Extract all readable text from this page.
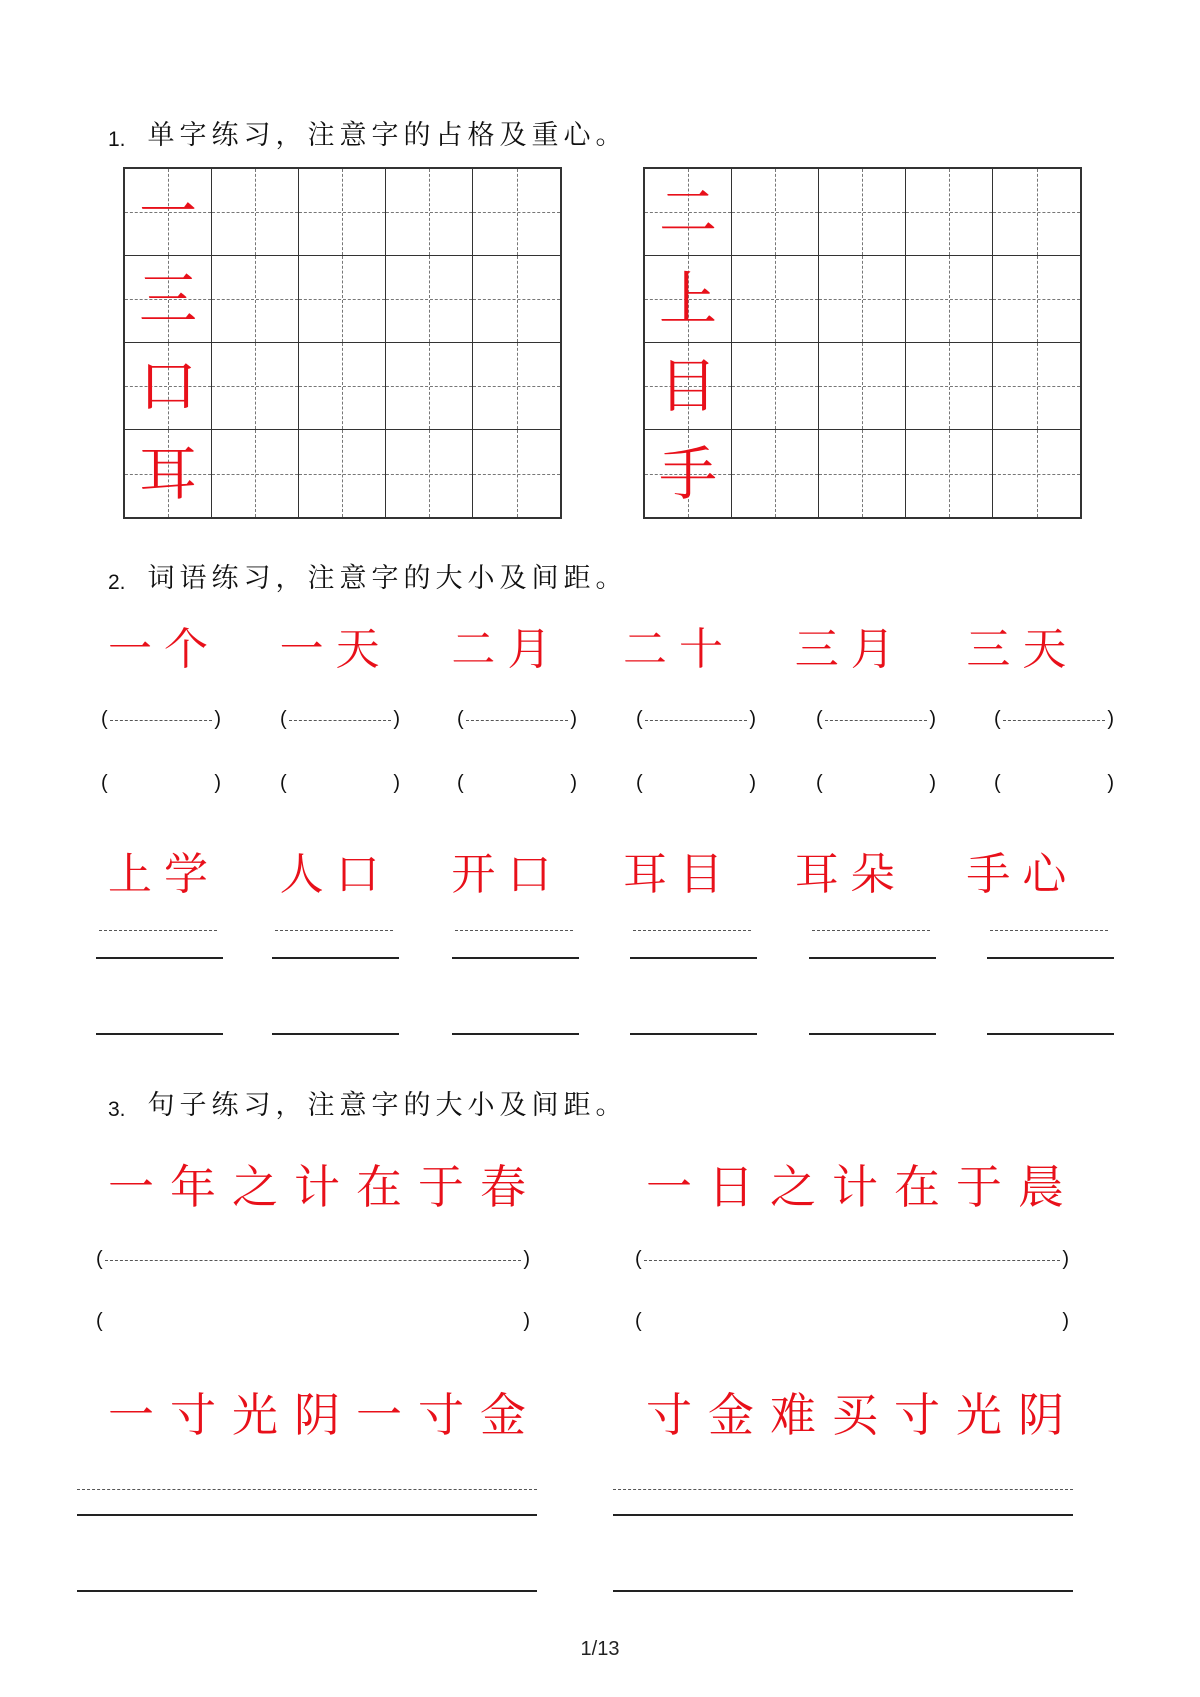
1. 单字练习，注意字的占格及重心。
一
三
口
耳
二
上
目
手
2. 词语练习，注意字的大小及间距。
一个	一天	二月	二十	三月	三天
(	)	(	)	(	)	(	)	(	)	(	)
(	)	(	)	(	)	(	)	(	)	(	)
上学	人口	开口	耳目	耳朵	手心
3. 句子练习，注意字的大小及间距。
一年之计在于春 一日之计在于晨
(	)	(	)
(	)	(	)
一寸光阴一寸金 寸金难买寸光阴
1/13
